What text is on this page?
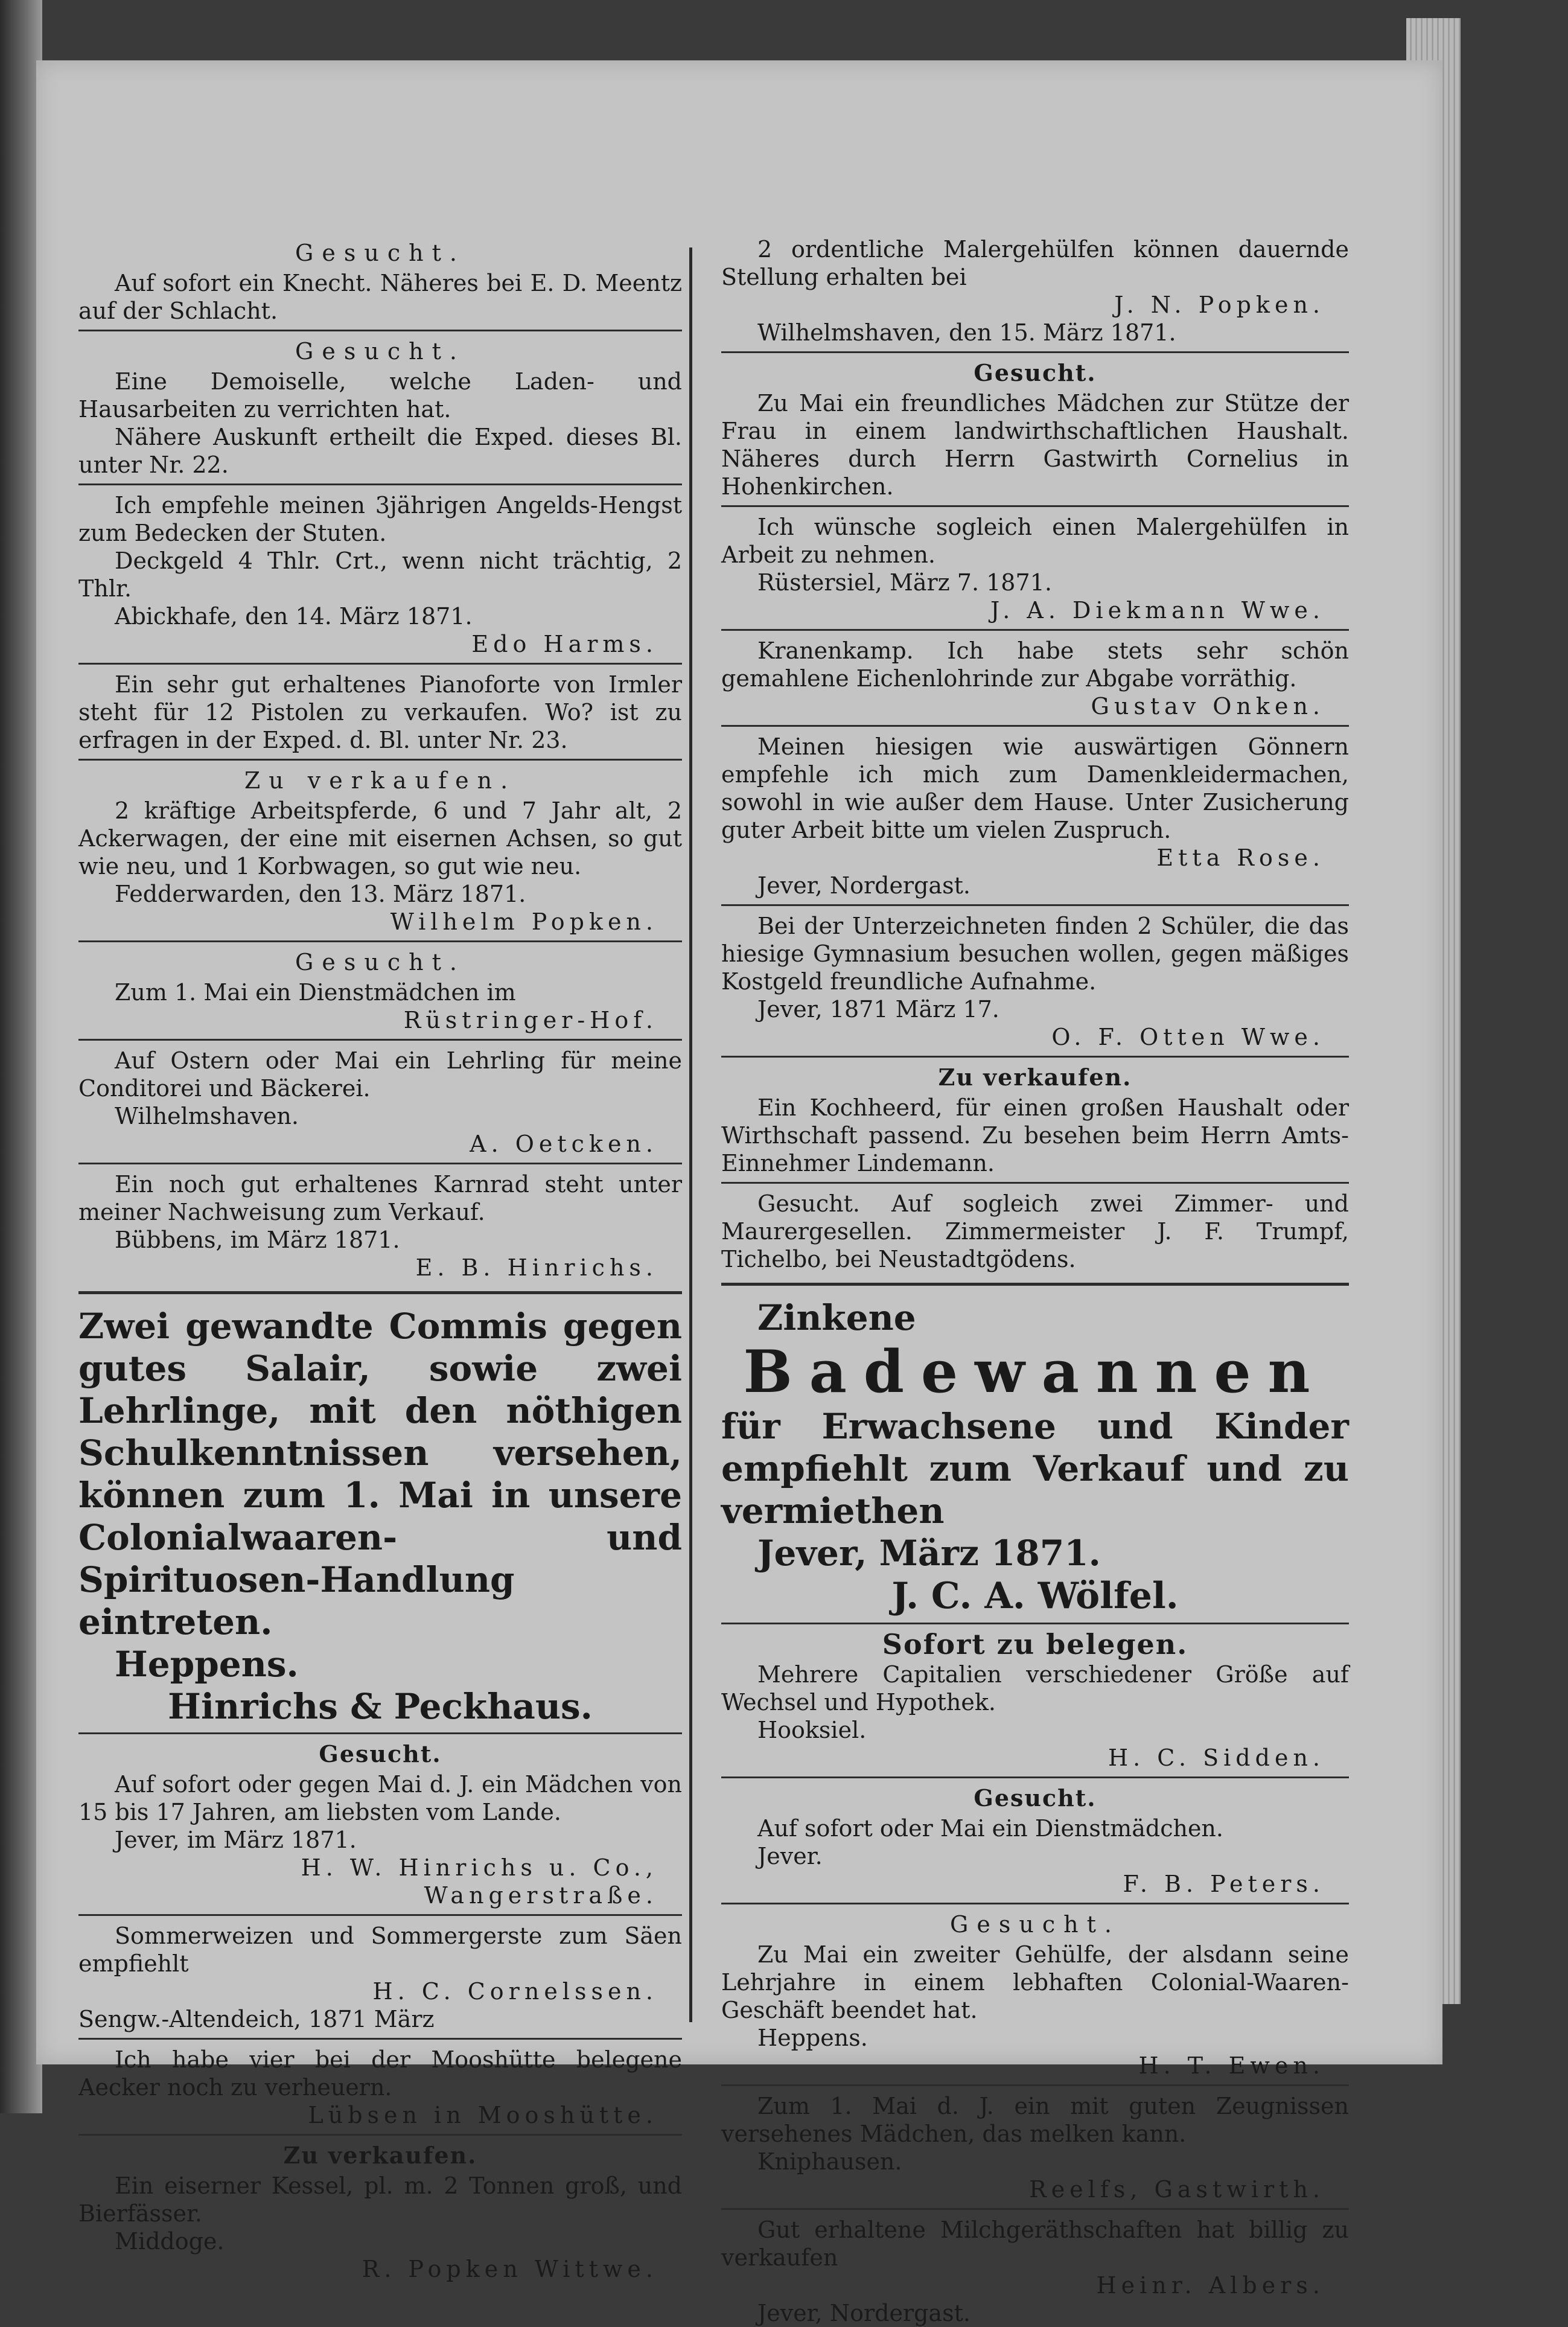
Gesucht.

Auf sofort ein Knecht. Näheres bei E. D. Meentz auf der Schlacht.

Gesucht.

Eine Demoiselle, welche Laden- und Hausarbeiten zu verrichten hat.

Nähere Auskunft ertheilt die Exped. dieses Bl. unter Nr. 22.

Ich empfehle meinen 3jährigen Angelds-Hengst zum Bedecken der Stuten.

Deckgeld 4 Thlr. Crt., wenn nicht trächtig, 2 Thlr.

Abickhafe, den 14. März 1871.

Edo Harms.

Ein sehr gut erhaltenes Pianoforte von Irmler steht für 12 Pistolen zu verkaufen. Wo? ist zu erfragen in der Exped. d. Bl. unter Nr. 23.

Zu verkaufen.

2 kräftige Arbeitspferde, 6 und 7 Jahr alt, 2 Ackerwagen, der eine mit eisernen Achsen, so gut wie neu, und 1 Korbwagen, so gut wie neu.

Fedderwarden, den 13. März 1871.

Wilhelm Popken.
Gesucht.

Zum 1. Mai ein Dienstmädchen im

Rüstringer-Hof.

Auf Ostern oder Mai ein Lehrling für meine Conditorei und Bäckerei.

Wilhelmshaven.

A. Oetcken.

Ein noch gut erhaltenes Karnrad steht unter meiner Nachweisung zum Verkauf.

Bübbens, im März 1871.

E. B. Hinrichs.

Zwei gewandte Commis gegen gutes Salair, sowie zwei Lehrlinge, mit den nöthigen Schulkenntnissen versehen, können zum 1. Mai in unsere Colonialwaaren- und Spirituosen-Handlung eintreten.

Heppens.

Hinrichs & Peckhaus.
Gesucht.

Auf sofort oder gegen Mai d. J. ein Mädchen von 15 bis 17 Jahren, am liebsten vom Lande.

Jever, im März 1871.

H. W. Hinrichs u. Co.,
Wangerstraße.

Sommerweizen und Sommergerste zum Säen empfiehlt

H. C. Cornelssen.

Sengw.-Altendeich, 1871 März

Ich habe vier bei der Mooshütte belegene Aecker noch zu verheuern.

Lübsen in Mooshütte.
Zu verkaufen.

Ein eiserner Kessel, pl. m. 2 Tonnen groß, und Bierfässer.

Middoge.

R. Popken Wittwe.

2 ordentliche Malergehülfen können dauernde Stellung erhalten bei

J. N. Popken.

Wilhelmshaven, den 15. März 1871.

Gesucht.

Zu Mai ein freundliches Mädchen zur Stütze der Frau in einem landwirthschaftlichen Haushalt. Näheres durch Herrn Gastwirth Cornelius in Hohenkirchen.

Ich wünsche sogleich einen Malergehülfen in Arbeit zu nehmen.

Rüstersiel, März 7. 1871.

J. A. Diekmann Wwe.

Kranenkamp. Ich habe stets sehr schön gemahlene Eichenlohrinde zur Abgabe vorräthig.

Gustav Onken.

Meinen hiesigen wie auswärtigen Gönnern empfehle ich mich zum Damenkleidermachen, sowohl in wie außer dem Hause. Unter Zusicherung guter Arbeit bitte um vielen Zuspruch.

Etta Rose.

Jever, Nordergast.

Bei der Unterzeichneten finden 2 Schüler, die das hiesige Gymnasium besuchen wollen, gegen mäßiges Kostgeld freundliche Aufnahme.

Jever, 1871 März 17.

O. F. Otten Wwe.
Zu verkaufen.

Ein Kochheerd, für einen großen Haushalt oder Wirthschaft passend. Zu besehen beim Herrn Amts-Einnehmer Lindemann.

Gesucht. Auf sogleich zwei Zimmer- und Maurergesellen. Zimmermeister J. F. Trumpf, Tichelbo, bei Neustadtgödens.

Zinkene
Badewannen
für Erwachsene und Kinder empfiehlt zum Verkauf und zu vermiethen
Jever, März 1871.
J. C. A. Wölfel.
Sofort zu belegen.

Mehrere Capitalien verschiedener Größe auf Wechsel und Hypothek.

Hooksiel.

H. C. Sidden.
Gesucht.

Auf sofort oder Mai ein Dienstmädchen.

Jever.

F. B. Peters.
Gesucht.

Zu Mai ein zweiter Gehülfe, der alsdann seine Lehrjahre in einem lebhaften Colonial-Waaren-Geschäft beendet hat.

Heppens.

H. T. Ewen.

Zum 1. Mai d. J. ein mit guten Zeugnissen versehenes Mädchen, das melken kann.

Kniphausen.

Reelfs, Gastwirth.

Gut erhaltene Milchgeräthschaften hat billig zu verkaufen

Heinr. Albers.

Jever, Nordergast.
